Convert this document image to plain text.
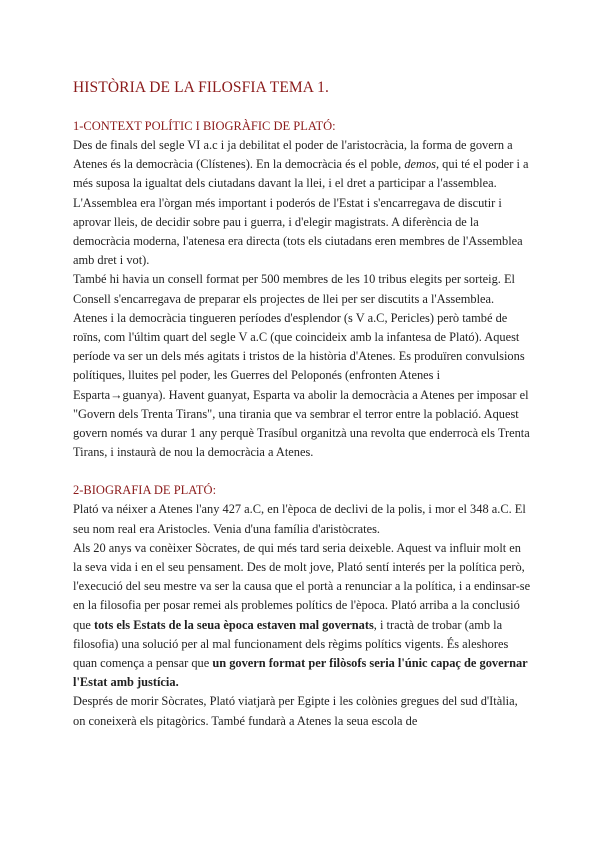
HISTÒRIA DE LA FILOSFIA TEMA 1.
1-CONTEXT POLÍTIC I BIOGRÀFIC DE PLATÓ:

Des de finals del segle VI a.c i ja debilitat el poder de l'aristocràcia, la forma de govern a Atenes és la democràcia (Clístenes). En la democràcia és el poble, demos, qui té el poder i a més suposa la igualtat dels ciutadans davant la llei, i el dret a participar a l'assemblea.

L'Assemblea era l'òrgan més important i poderós de l'Estat i s'encarregava de discutir i aprovar lleis, de decidir sobre pau i guerra, i d'elegir magistrats. A diferència de la democràcia moderna, l'atenesa era directa (tots els ciutadans eren membres de l'Assemblea amb dret i vot).

També hi havia un consell format per 500 membres de les 10 tribus elegits per sorteig. El Consell s'encarregava de preparar els projectes de llei per ser discutits a l'Assemblea.

Atenes i la democràcia tingueren períodes d'esplendor (s V a.C, Pericles) però també de roïns, com l'últim quart del segle V a.C (que coincideix amb la infantesa de Plató). Aquest període va ser un dels més agitats i tristos de la història d'Atenes. Es produïren convulsions polítiques, lluites pel poder, les Guerres del Peloponés (enfronten Atenes i Esparta→guanya). Havent guanyat, Esparta va abolir la democràcia a Atenes per imposar el "Govern dels Trenta Tirans", una tirania que va sembrar el terror entre la població. Aquest govern només va durar 1 any perquè Trasíbul organitzà una revolta que enderrocà els Trenta Tirans, i instaurà de nou la democràcia a Atenes.

2-BIOGRAFIA DE PLATÓ:

Plató va néixer a Atenes l'any 427 a.C, en l'època de declivi de la polis, i mor el 348 a.C. El seu nom real era Aristocles. Venia d'una família d'aristòcrates.

Als 20 anys va conèixer Sòcrates, de qui més tard seria deixeble. Aquest va influir molt en la seva vida i en el seu pensament. Des de molt jove, Plató sentí interés per la política però, l'execució del seu mestre va ser la causa que el portà a renunciar a la política, i a endinsar-se en la filosofia per posar remei als problemes polítics de l'època. Plató arriba a la conclusió que tots els Estats de la seua època estaven mal governats, i tractà de trobar (amb la filosofia) una solució per al mal funcionament dels règims polítics vigents. És aleshores quan comença a pensar que un govern format per filòsofs seria l'únic capaç de governar l'Estat amb justícia.

Després de morir Sòcrates, Plató viatjarà per Egipte i les colònies gregues del sud d'Itàlia, on coneixerà els pitagòrics. També fundarà a Atenes la seua escola de
